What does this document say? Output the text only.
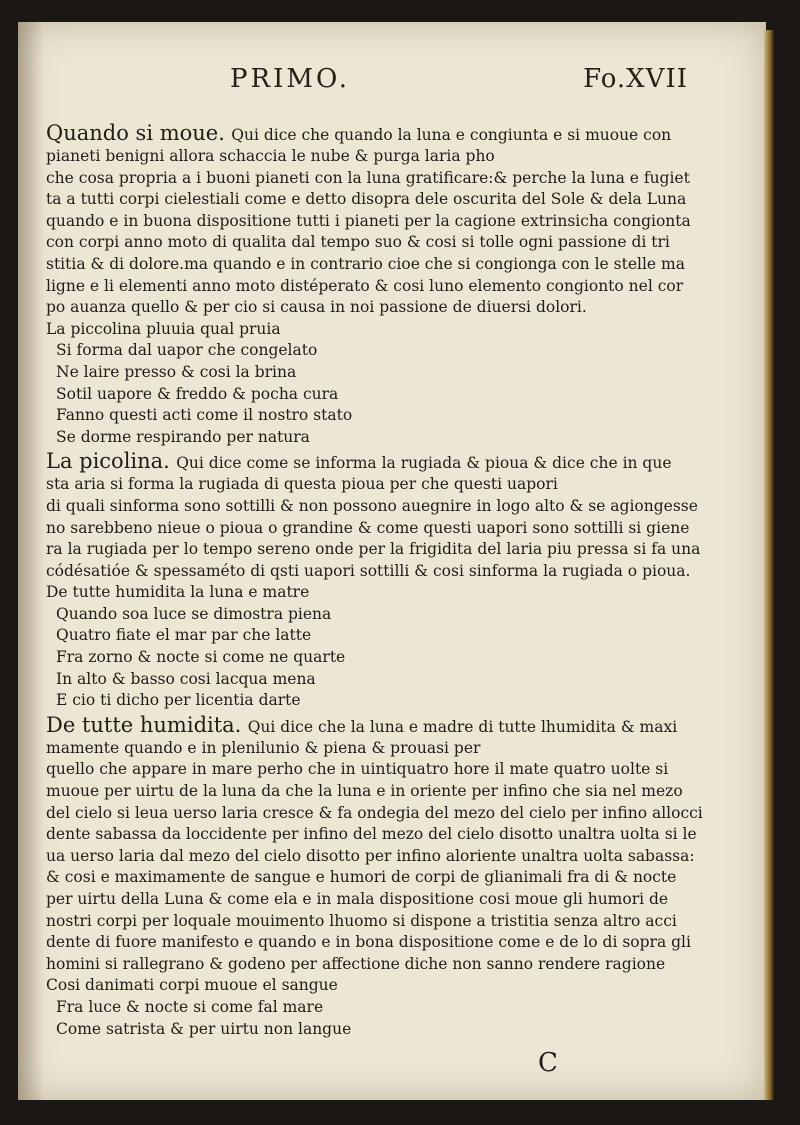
PRIMO.	Fo.XVII
Quando si moue. Qui dice che quando la luna e congiunta e si muoue con
pianeti benigni allora schaccia le nube & purga laria pho
che cosa propria a i buoni pianeti con la luna gratificare:& perche la luna e fugiet
ta a tutti corpi cielestiali come e detto disopra dele oscurita del Sole & dela Luna
quando e in buona dispositione tutti i pianeti per la cagione extrinsicha congionta
con corpi anno moto di qualita dal tempo suo & cosi si tolle ogni passione di tri
stitia & di dolore.ma quando e in contrario cioe che si congionga con le stelle ma
ligne e li elementi anno moto distéperato & cosi luno elemento congionto nel cor
po auanza quello & per cio si causa in noi passione de diuersi dolori.
La piccolina pluuia qual pruia
Si forma dal uapor che congelato
Ne laire presso & cosi la brina
Sotil uapore & freddo & pocha cura
Fanno questi acti come il nostro stato
Se dorme respirando per natura
La picolina. Qui dice come se informa la rugiada & pioua & dice che in que
sta aria si forma la rugiada di questa pioua per che questi uapori
di quali sinforma sono sottilli & non possono auegnire in logo alto & se agiongesse
no sarebbeno nieue o pioua o grandine & come questi uapori sono sottilli si giene
ra la rugiada per lo tempo sereno onde per la frigidita del laria piu pressa si fa una
códésatióe & spessaméto di qsti uapori sottilli & cosi sinforma la rugiada o pioua.
De tutte humidita la luna e matre
Quando soa luce se dimostra piena
Quatro fiate el mar par che latte
Fra zorno & nocte si come ne quarte
In alto & basso cosi lacqua mena
E cio ti dicho per licentia darte
De tutte humidita. Qui dice che la luna e madre di tutte lhumidita & maxi
mamente quando e in plenilunio & piena & prouasi per
quello che appare in mare perho che in uintiquatro hore il mate quatro uolte si
muoue per uirtu de la luna da che la luna e in oriente per infino che sia nel mezo
del cielo si leua uerso laria cresce & fa ondegia del mezo del cielo per infino allocci
dente sabassa da loccidente per infino del mezo del cielo disotto unaltra uolta si le
ua uerso laria dal mezo del cielo disotto per infino aloriente unaltra uolta sabassa:
& cosi e maximamente de sangue e humori de corpi de glianimali fra di & nocte
per uirtu della Luna & come ela e in mala dispositione cosi moue gli humori de
nostri corpi per loquale mouimento lhuomo si dispone a tristitia senza altro acci
dente di fuore manifesto e quando e in bona dispositione come e de lo di sopra gli
homini si rallegrano & godeno per affectione diche non sanno rendere ragione
Cosi danimati corpi muoue el sangue
Fra luce & nocte si come fal mare
Come satrista & per uirtu non langue
C
